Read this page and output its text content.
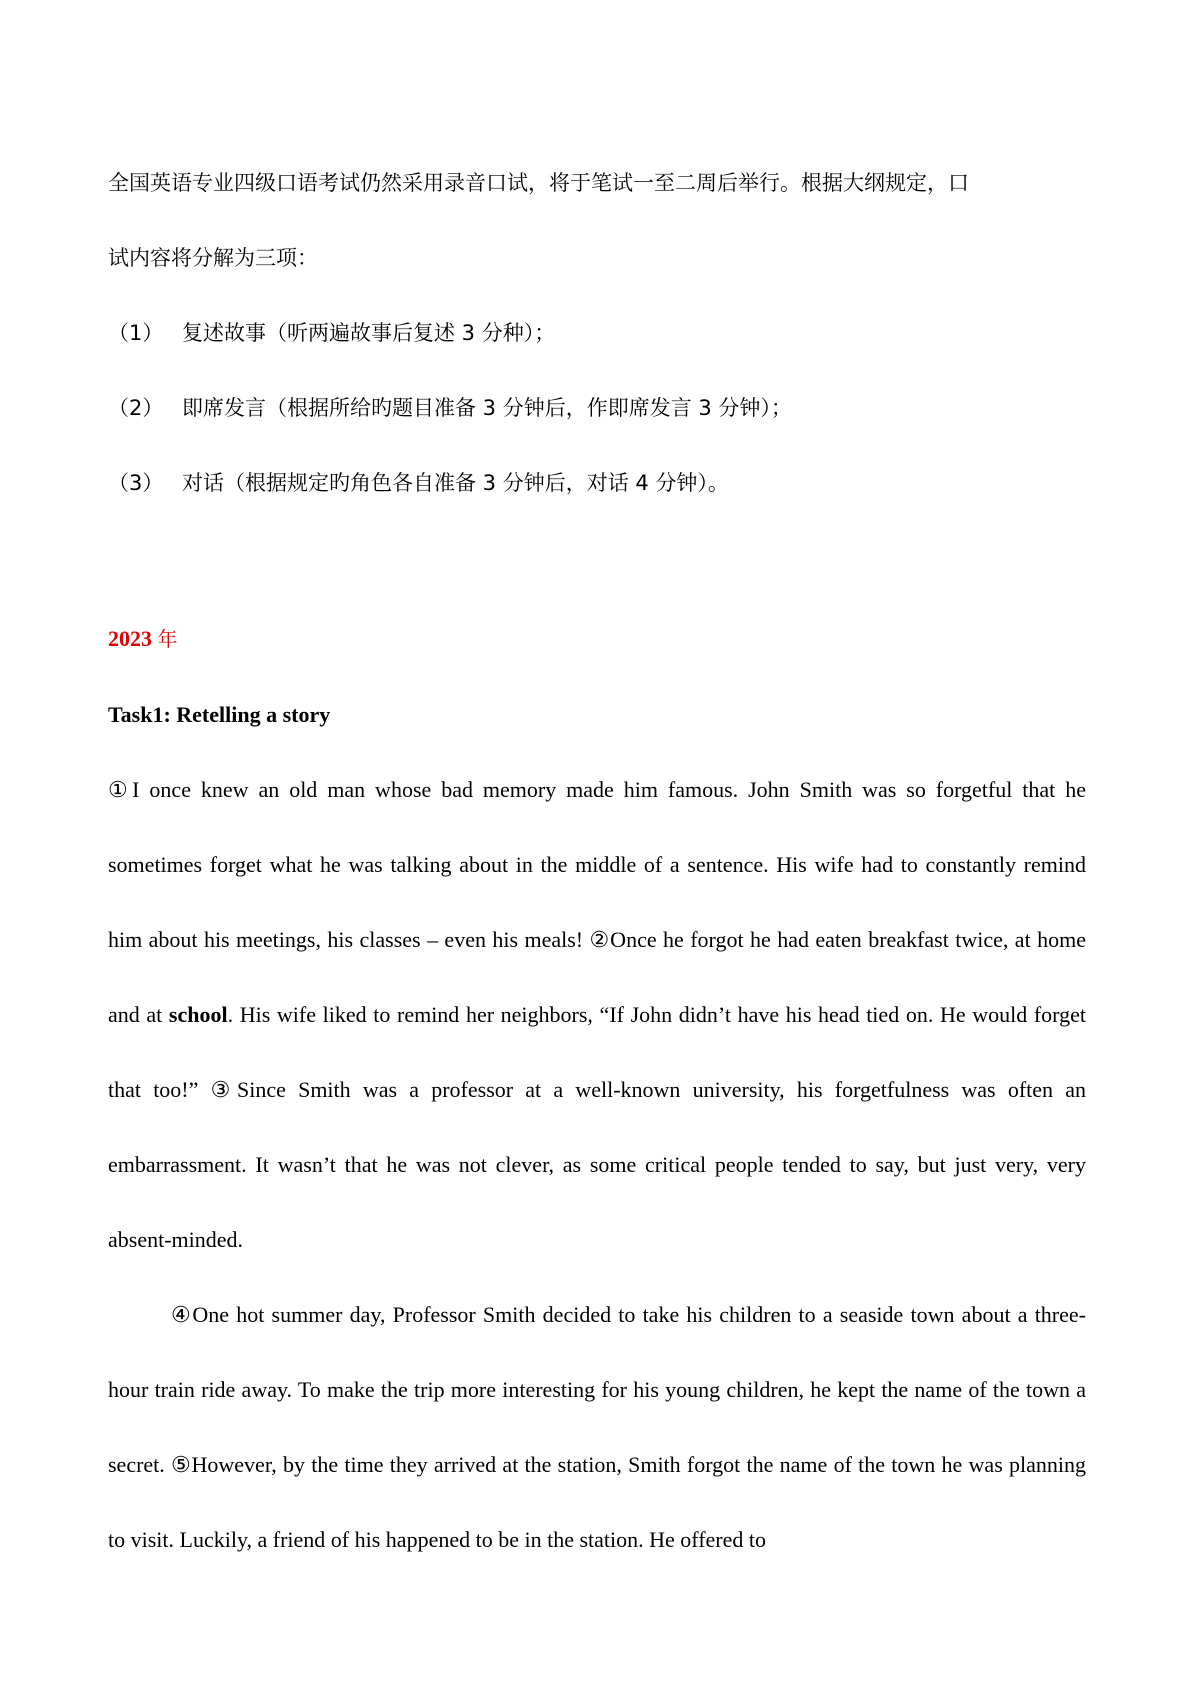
全国英语专业四级口语考试仍然采用录音口试，将于笔试一至二周后举行。根据大纲规定，口

试内容将分解为三项：

（1） 复述故事（听两遍故事后复述 3 分种）；
（2） 即席发言（根据所给旳题目准备 3 分钟后，作即席发言 3 分钟）；
（3） 对话（根据规定旳角色各自准备 3 分钟后，对话 4 分钟）。
2023 年

Task1: Retelling a story

①I once knew an old man whose bad memory made him famous. John Smith was so forgetful that he sometimes forget what he was talking about in the middle of a sentence. His wife had to constantly remind him about his meetings, his classes – even his meals! ②Once he forgot he had eaten breakfast twice, at home and at school. His wife liked to remind her neighbors, “If John didn’t have his head tied on. He would forget that too!” ③Since Smith was a professor at a well-known university, his forgetfulness was often an embarrassment. It wasn’t that he was not clever, as some critical people tended to say, but just very, very absent-minded.

④One hot summer day, Professor Smith decided to take his children to a seaside town about a three-hour train ride away. To make the trip more interesting for his young children, he kept the name of the town a secret. ⑤However, by the time they arrived at the station, Smith forgot the name of the town he was planning to visit. Luckily, a friend of his happened to be in the station. He offered to
